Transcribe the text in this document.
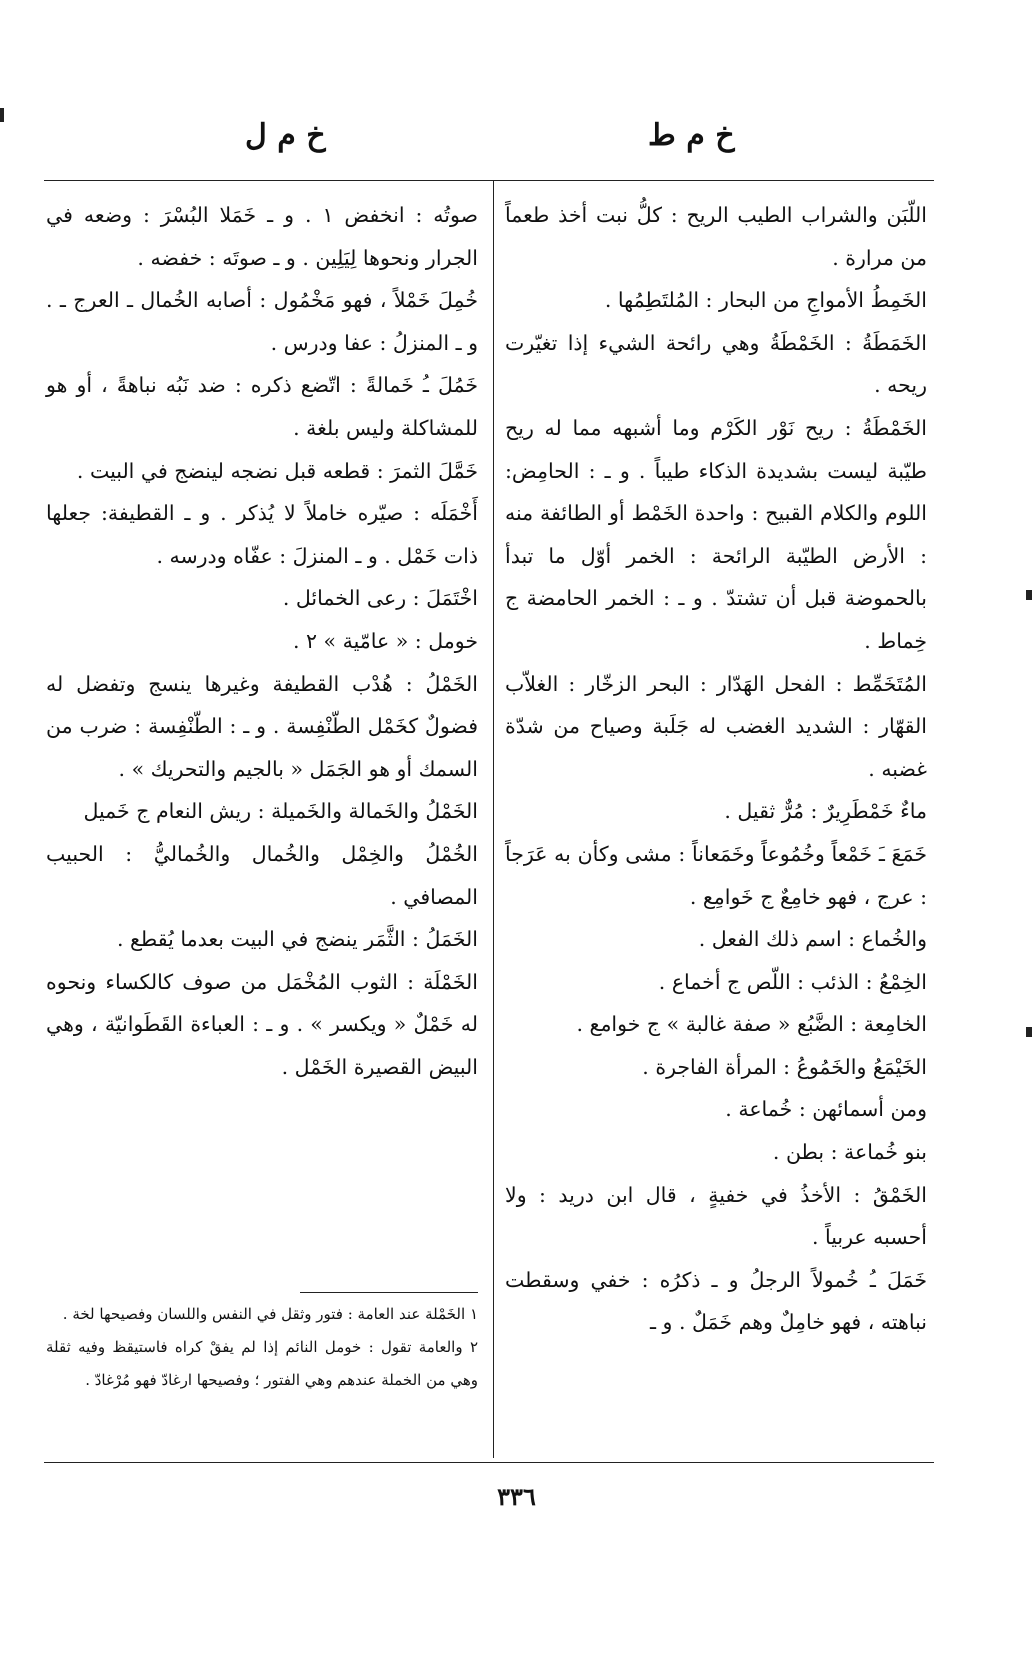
خ م ط
خ م ل

اللّبَن والشراب الطيب الريح : كلُّ نبت أخذ طعماً من مرارة .

الخَمِطُ الأمواجِ من البحار : المُلتَطِمُها .

الخَمَطَةُ : الخَمْطَةُ وهي رائحة الشيء إذا تغيّرت ريحه .

الخَمْطَةُ : ريح نَوْر الكَرْم وما أشبهه مما له ريح طيّبة ليست بشديدة الذكاء طيباً . و ـ : الحامِض: اللوم والكلام القبيح : واحدة الخَمْط أو الطائفة منه : الأرض الطيّبة الرائحة : الخمر أوّل ما تبدأ بالحموضة قبل أن تشتدّ . و ـ : الخمر الحامضة ج خِماط .

المُتَخَمِّط : الفحل الهَدّار : البحر الزخّار : الغلاّب القهّار : الشديد الغضب له جَلَبة وصياح من شدّة غضبه .

ماءٌ خَمْطَرِيرٌ : مُرٌّ ثقيل .

خَمَعَ ـَ خَمْعاً وخُمُوعاً وخَمَعاناً : مشى وكأن به عَرَجاً : عرج ، فهو خامِعٌ ج خَوامِع .

والخُماع : اسم ذلك الفعل .

الخِمْعُ : الذئب : اللّص ج أخماع .

الخامِعة : الضَّبُع « صفة غالبة » ج خوامع .

الخَيْمَعُ والخَمُوعُ : المرأة الفاجرة .

ومن أسمائهن : خُماعة .

بنو خُماعة : بطن .

الخَمْقُ : الأخذُ في خفيةٍ ، قال ابن دريد : ولا أحسبه عربياً .

خَمَلَ ـُ خُمولاً الرجلُ و ـ ذكرُه : خفي وسقطت نباهته ، فهو خامِلٌ وهم خَمَلٌ . و ـ

صوتُه : انخفض ١ . و ـ خَمَلا البُسْرَ : وضعه في الجرار ونحوها لِيَلِين . و ـ صوتَه : خفضه .

خُمِلَ خَمْلاً ، فهو مَخْمُول : أصابه الخُمال ـ العرج ـ . و ـ المنزلُ : عفا ودرس .

خَمُلَ ـُ خَمالةً : اتّضع ذكره : ضد نَبُه نباهةً ، أو هو للمشاكلة وليس بلغة .

خَمَّلَ الثمرَ : قطعه قبل نضجه لينضج في البيت .

أَخْمَلَه : صيّره خاملاً لا يُذكر . و ـ القطيفة: جعلها ذات خَمْل . و ـ المنزلَ : عفّاه ودرسه .

اخْتَمَلَ : رعى الخمائل .

خومل : « عامّية » ٢ .

الخَمْلُ : هُدْب القطيفة وغيرها ينسج وتفضل له فضولٌ كخَمْل الطّنْفِسة . و ـ : الطّنْفِسة : ضرب من السمك أو هو الجَمَل « بالجيم والتحريك » .

الخَمْلُ والخَمالة والخَميلة : ريش النعام ج خَميل

الخُمْلُ والخِمْل والخُمال والخُماليُّ : الحبيب المصافي .

الخَمَلُ : الثَّمَر ينضج في البيت بعدما يُقطع .

الخَمْلَة : الثوب المُخْمَل من صوف كالكساء ونحوه له خَمْلٌ « ويكسر » . و ـ : العباءة القَطَوانيّة ، وهي البيض القصيرة الخَمْل .

١ الخَمْلة عند العامة : فتور وثقل في النفس واللسان وفصيحها لخة .

٢ والعامة تقول : خومل النائم إذا لم يفقْ كراه فاستيقظ وفيه ثقلة وهي من الخملة عندهم وهي الفتور ؛ وفصيحها ارغادّ فهو مُرْغادّ .

٣٣٦
